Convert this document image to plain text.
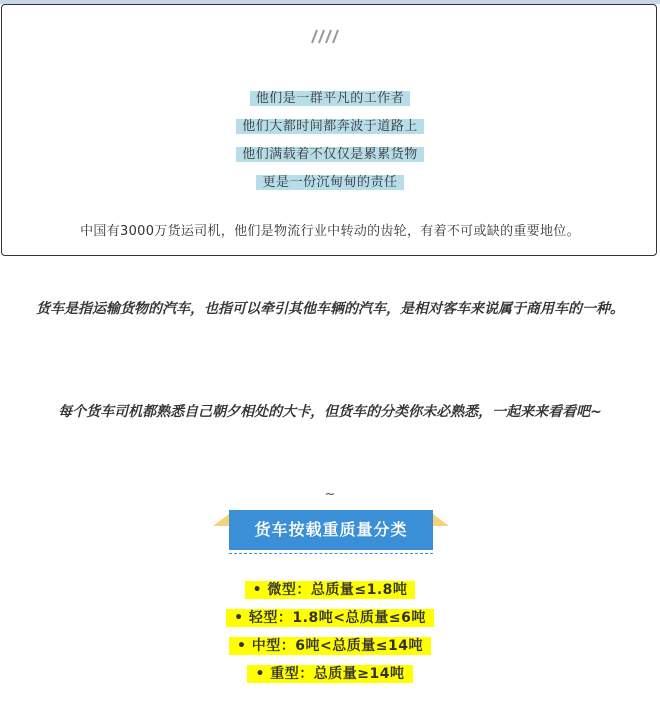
他们是一群平凡的工作者
他们大都时间都奔波于道路上
他们满载着不仅仅是累累货物
更是一份沉甸甸的责任
中国有3000万货运司机，他们是物流行业中转动的齿轮，有着不可或缺的重要地位。
货车是指运输货物的汽车，也指可以牵引其他车辆的汽车，是相对客车来说属于商用车的一种。
每个货车司机都熟悉自己朝夕相处的大卡，但货车的分类你未必熟悉，一起来来看看吧~
~
货车按载重质量分类
• 微型：总质量≤1.8吨
• 轻型：1.8吨<总质量≤6吨
• 中型：6吨<总质量≤14吨
• 重型：总质量≥14吨
